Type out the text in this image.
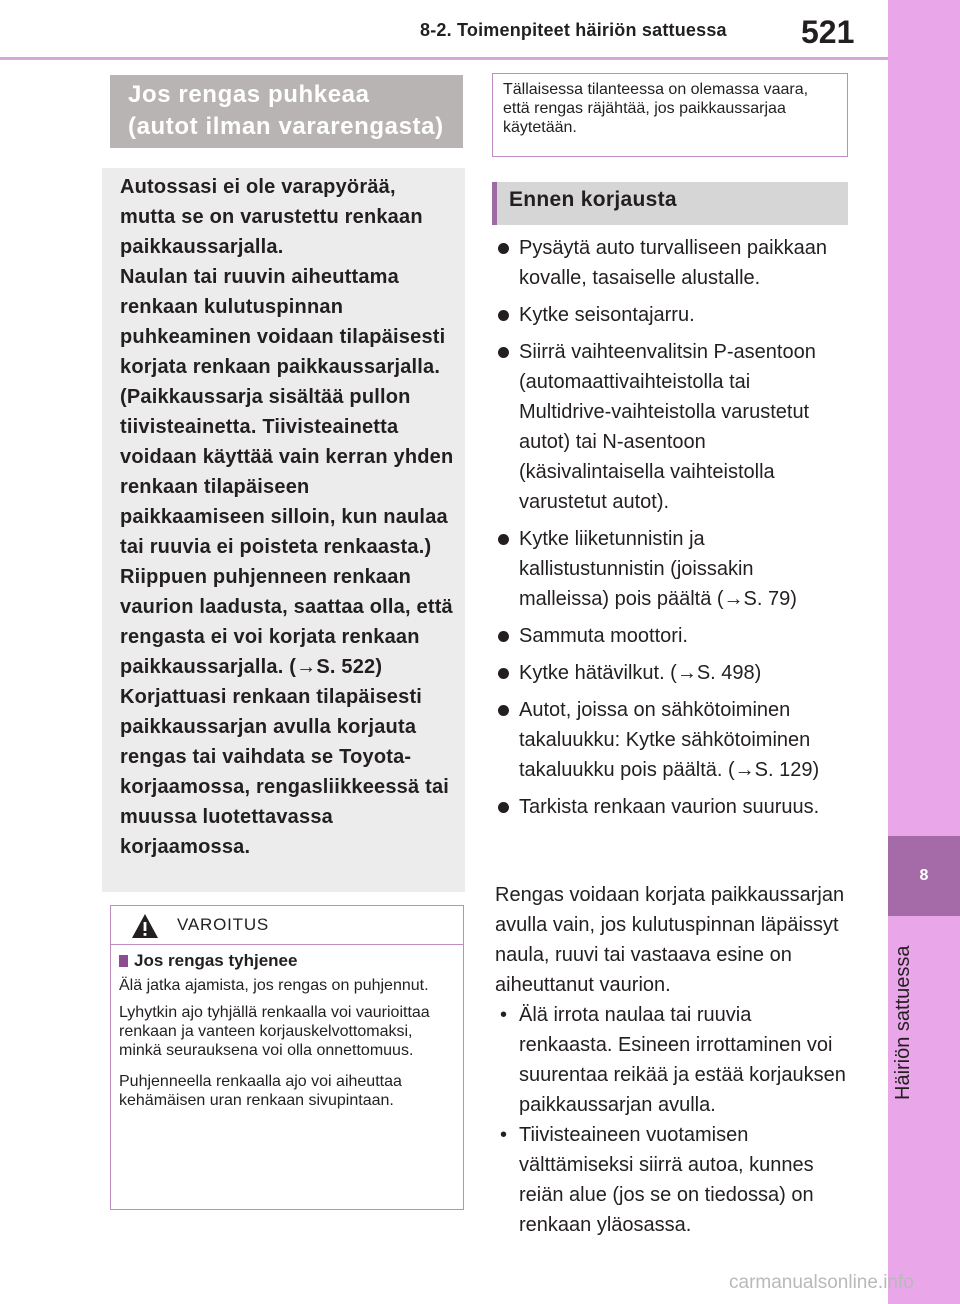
8-2. Toimenpiteet häiriön sattuessa 521
8
Häiriön sattuessa
Jos rengas puhkeaa
(autot ilman vararengasta)

Autossasi ei ole varapyörää, mutta se on varustettu renkaan paikkaussarjalla.

Naulan tai ruuvin aiheuttama renkaan kulutuspinnan puhkeaminen voidaan tilapäisesti korjata renkaan paikkaussarjalla. (Paikkaussarja sisältää pullon tiivisteainetta. Tiivisteainetta voidaan käyttää vain kerran yhden renkaan tilapäiseen paikkaamiseen silloin, kun naulaa tai ruuvia ei poisteta renkaasta.) Riippuen puhjenneen renkaan vaurion laadusta, saattaa olla, että rengasta ei voi korjata renkaan paikkaussarjalla. (→S. 522)

Korjattuasi renkaan tilapäisesti paikkaussarjan avulla korjauta rengas tai vaihdata se Toyota-korjaamossa, rengasliikkeessä tai muussa luotettavassa korjaamossa.

VAROITUS
Jos rengas tyhjenee

Älä jatka ajamista, jos rengas on puhjennut.

Lyhytkin ajo tyhjällä renkaalla voi vaurioittaa renkaan ja vanteen korjauskelvottomaksi, minkä seurauksena voi olla onnettomuus.

Puhjenneella renkaalla ajo voi aiheuttaa kehämäisen uran renkaan sivupintaan.

Tällaisessa tilanteessa on olemassa vaara, että rengas räjähtää, jos paikkaussarjaa käytetään.
Ennen korjausta
Pysäytä auto turvalliseen paikkaan kovalle, tasaiselle alustalle.
Kytke seisontajarru.
Siirrä vaihteenvalitsin P-asentoon (automaattivaihteistolla tai Multidrive-vaihteistolla varustetut autot) tai N-asentoon (käsivalintaisella vaihteistolla varustetut autot).
Kytke liiketunnistin ja kallistustunnistin (joissakin malleissa) pois päältä (→S. 79)
Sammuta moottori.
Kytke hätävilkut. (→S. 498)
Autot, joissa on sähkötoiminen takaluukku: Kytke sähkötoiminen takaluukku pois päältä. (→S. 129)
Tarkista renkaan vaurion suuruus.

Rengas voidaan korjata paikkaussarjan avulla vain, jos kulutuspinnan läpäissyt naula, ruuvi tai vastaava esine on aiheuttanut vaurion.

• Älä irrota naulaa tai ruuvia renkaasta. Esineen irrottaminen voi suurentaa reikää ja estää korjauksen paikkaussarjan avulla.
• Tiivisteaineen vuotamisen välttämiseksi siirrä autoa, kunnes reiän alue (jos se on tiedossa) on renkaan yläosassa.
carmanualsonline.info
